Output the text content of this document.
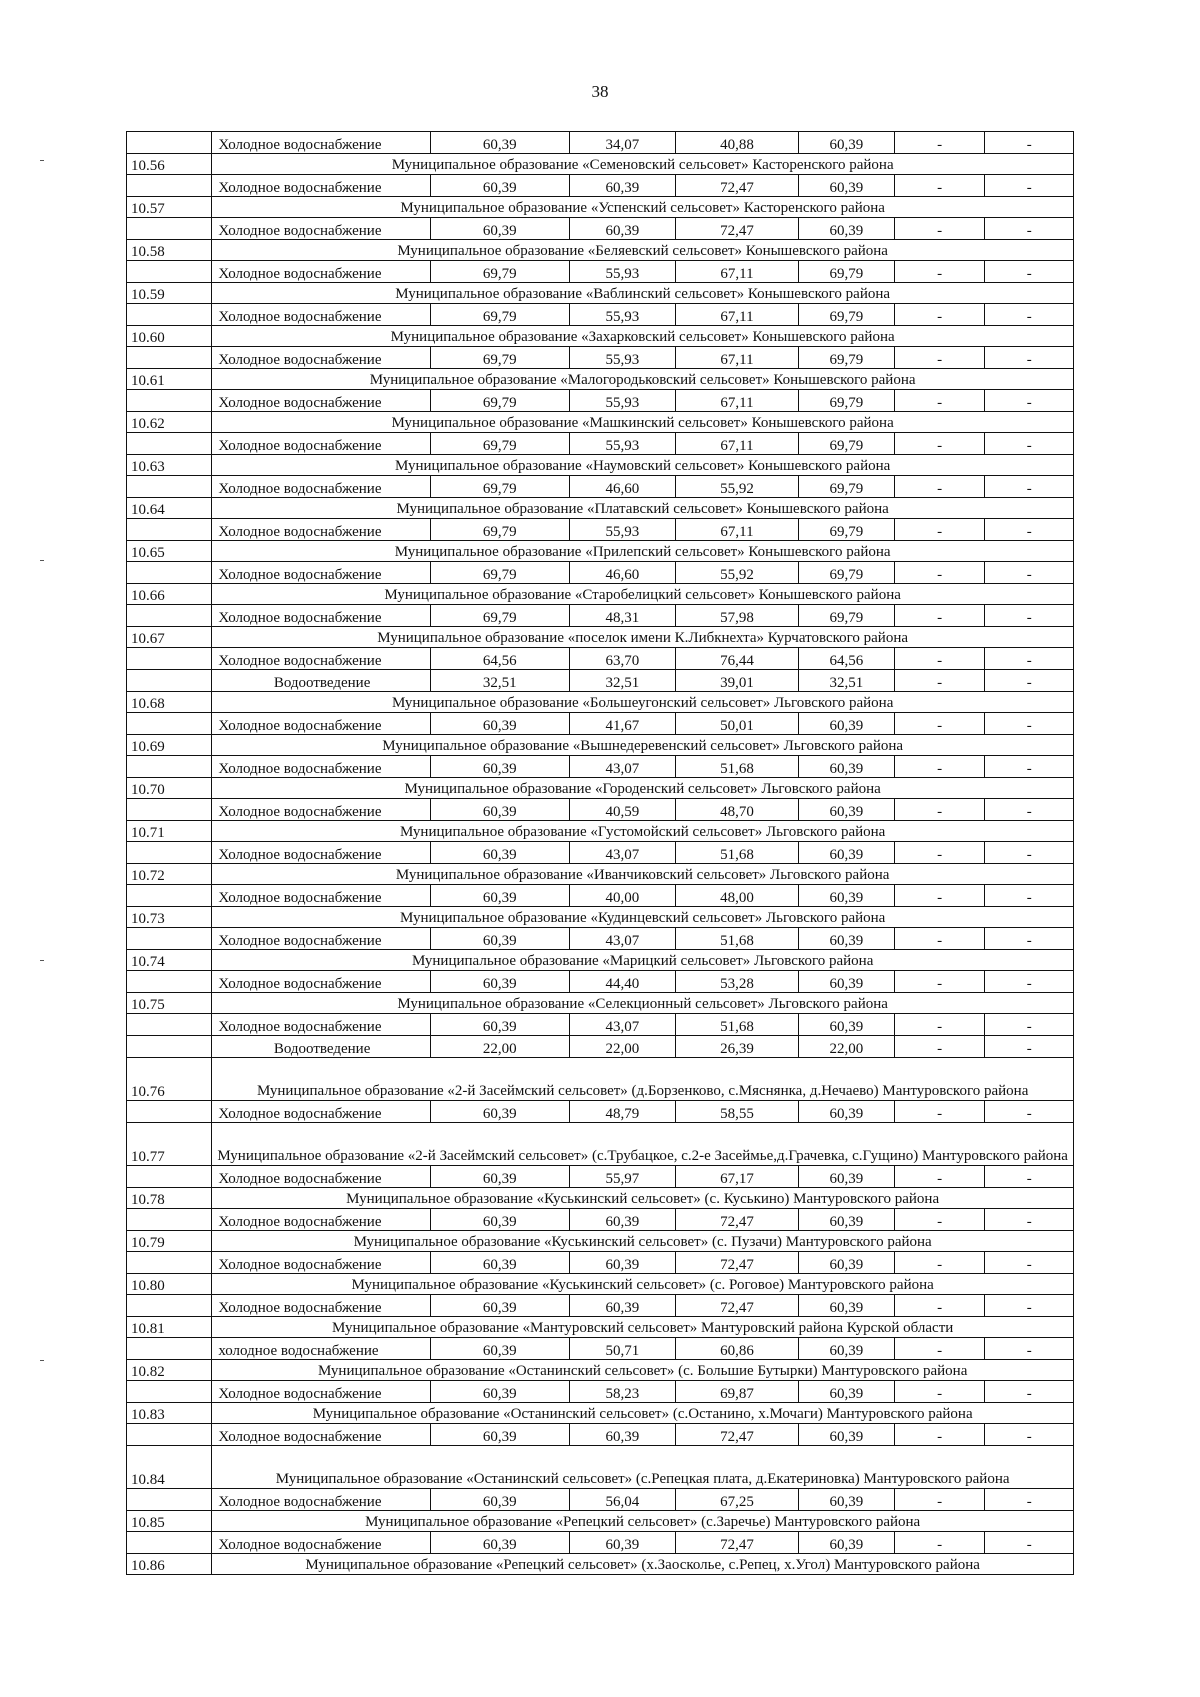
38
	Холодное водоснабжение	60,39	34,07	40,88	60,39	-	-
10.56	Муниципальное образование «Семеновский сельсовет» Касторенского района						
	Холодное водоснабжение	60,39	60,39	72,47	60,39	-	-
10.57	Муниципальное образование «Успенский сельсовет» Касторенского района						
	Холодное водоснабжение	60,39	60,39	72,47	60,39	-	-
10.58	Муниципальное образование «Беляевский сельсовет» Конышевского района						
	Холодное водоснабжение	69,79	55,93	67,11	69,79	-	-
10.59	Муниципальное образование «Ваблинский сельсовет» Конышевского района						
	Холодное водоснабжение	69,79	55,93	67,11	69,79	-	-
10.60	Муниципальное образование «Захарковский сельсовет» Конышевского района						
	Холодное водоснабжение	69,79	55,93	67,11	69,79	-	-
10.61	Муниципальное образование «Малогородьковский сельсовет» Конышевского района						
	Холодное водоснабжение	69,79	55,93	67,11	69,79	-	-
10.62	Муниципальное образование «Машкинский сельсовет» Конышевского района						
	Холодное водоснабжение	69,79	55,93	67,11	69,79	-	-
10.63	Муниципальное образование «Наумовский сельсовет» Конышевского района						
	Холодное водоснабжение	69,79	46,60	55,92	69,79	-	-
10.64	Муниципальное образование «Платавский сельсовет» Конышевского района						
	Холодное водоснабжение	69,79	55,93	67,11	69,79	-	-
10.65	Муниципальное образование «Прилепский сельсовет» Конышевского района						
	Холодное водоснабжение	69,79	46,60	55,92	69,79	-	-
10.66	Муниципальное образование «Старобелицкий сельсовет» Конышевского района						
	Холодное водоснабжение	69,79	48,31	57,98	69,79	-	-
10.67	Муниципальное образование «поселок имени К.Либкнехта» Курчатовского района						
	Холодное водоснабжение	64,56	63,70	76,44	64,56	-	-
	Водоотведение	32,51	32,51	39,01	32,51	-	-
10.68	Муниципальное образование «Большеугонский сельсовет» Льговского района						
	Холодное водоснабжение	60,39	41,67	50,01	60,39	-	-
10.69	Муниципальное образование «Вышнедеревенский сельсовет» Льговского района						
	Холодное водоснабжение	60,39	43,07	51,68	60,39	-	-
10.70	Муниципальное образование «Городенский сельсовет» Льговского района						
	Холодное водоснабжение	60,39	40,59	48,70	60,39	-	-
10.71	Муниципальное образование «Густомойский сельсовет» Льговского района						
	Холодное водоснабжение	60,39	43,07	51,68	60,39	-	-
10.72	Муниципальное образование «Иванчиковский сельсовет» Льговского района						
	Холодное водоснабжение	60,39	40,00	48,00	60,39	-	-
10.73	Муниципальное образование «Кудинцевский сельсовет» Льговского района						
	Холодное водоснабжение	60,39	43,07	51,68	60,39	-	-
10.74	Муниципальное образование «Марицкий сельсовет» Льговского района						
	Холодное водоснабжение	60,39	44,40	53,28	60,39	-	-
10.75	Муниципальное образование «Селекционный сельсовет» Льговского района						
	Холодное водоснабжение	60,39	43,07	51,68	60,39	-	-
	Водоотведение	22,00	22,00	26,39	22,00	-	-
10.76	Муниципальное образование «2-й Засеймский сельсовет» (д.Борзенково, с.Мяснянка, д.Нечаево) Мантуровского района						
	Холодное водоснабжение	60,39	48,79	58,55	60,39	-	-
10.77	Муниципальное образование «2-й Засеймский сельсовет» (с.Трубацкое, с.2-е Засеймье,д.Грачевка, с.Гущино) Мантуровского района						
	Холодное водоснабжение	60,39	55,97	67,17	60,39	-	-
10.78	Муниципальное образование «Куськинский сельсовет» (с. Куськино) Мантуровского района						
	Холодное водоснабжение	60,39	60,39	72,47	60,39	-	-
10.79	Муниципальное образование «Куськинский сельсовет» (с. Пузачи) Мантуровского района						
	Холодное водоснабжение	60,39	60,39	72,47	60,39	-	-
10.80	Муниципальное образование «Куськинский сельсовет» (с. Роговое) Мантуровского района						
	Холодное водоснабжение	60,39	60,39	72,47	60,39	-	-
10.81	Муниципальное образование «Мантуровский сельсовет» Мантуровский района Курской области						
	холодное водоснабжение	60,39	50,71	60,86	60,39	-	-
10.82	Муниципальное образование «Останинский сельсовет» (с. Большие Бутырки) Мантуровского района						
	Холодное водоснабжение	60,39	58,23	69,87	60,39	-	-
10.83	Муниципальное образование «Останинский сельсовет» (с.Останино, х.Мочаги) Мантуровского района						
	Холодное водоснабжение	60,39	60,39	72,47	60,39	-	-
10.84	Муниципальное образование «Останинский сельсовет» (с.Репецкая плата, д.Екатериновка) Мантуровского района						
	Холодное водоснабжение	60,39	56,04	67,25	60,39	-	-
10.85	Муниципальное образование «Репецкий сельсовет» (с.Заречье) Мантуровского района						
	Холодное водоснабжение	60,39	60,39	72,47	60,39	-	-
10.86	Муниципальное образование «Репецкий сельсовет» (х.Заосколье, с.Репец, х.Угол) Мантуровского района						
